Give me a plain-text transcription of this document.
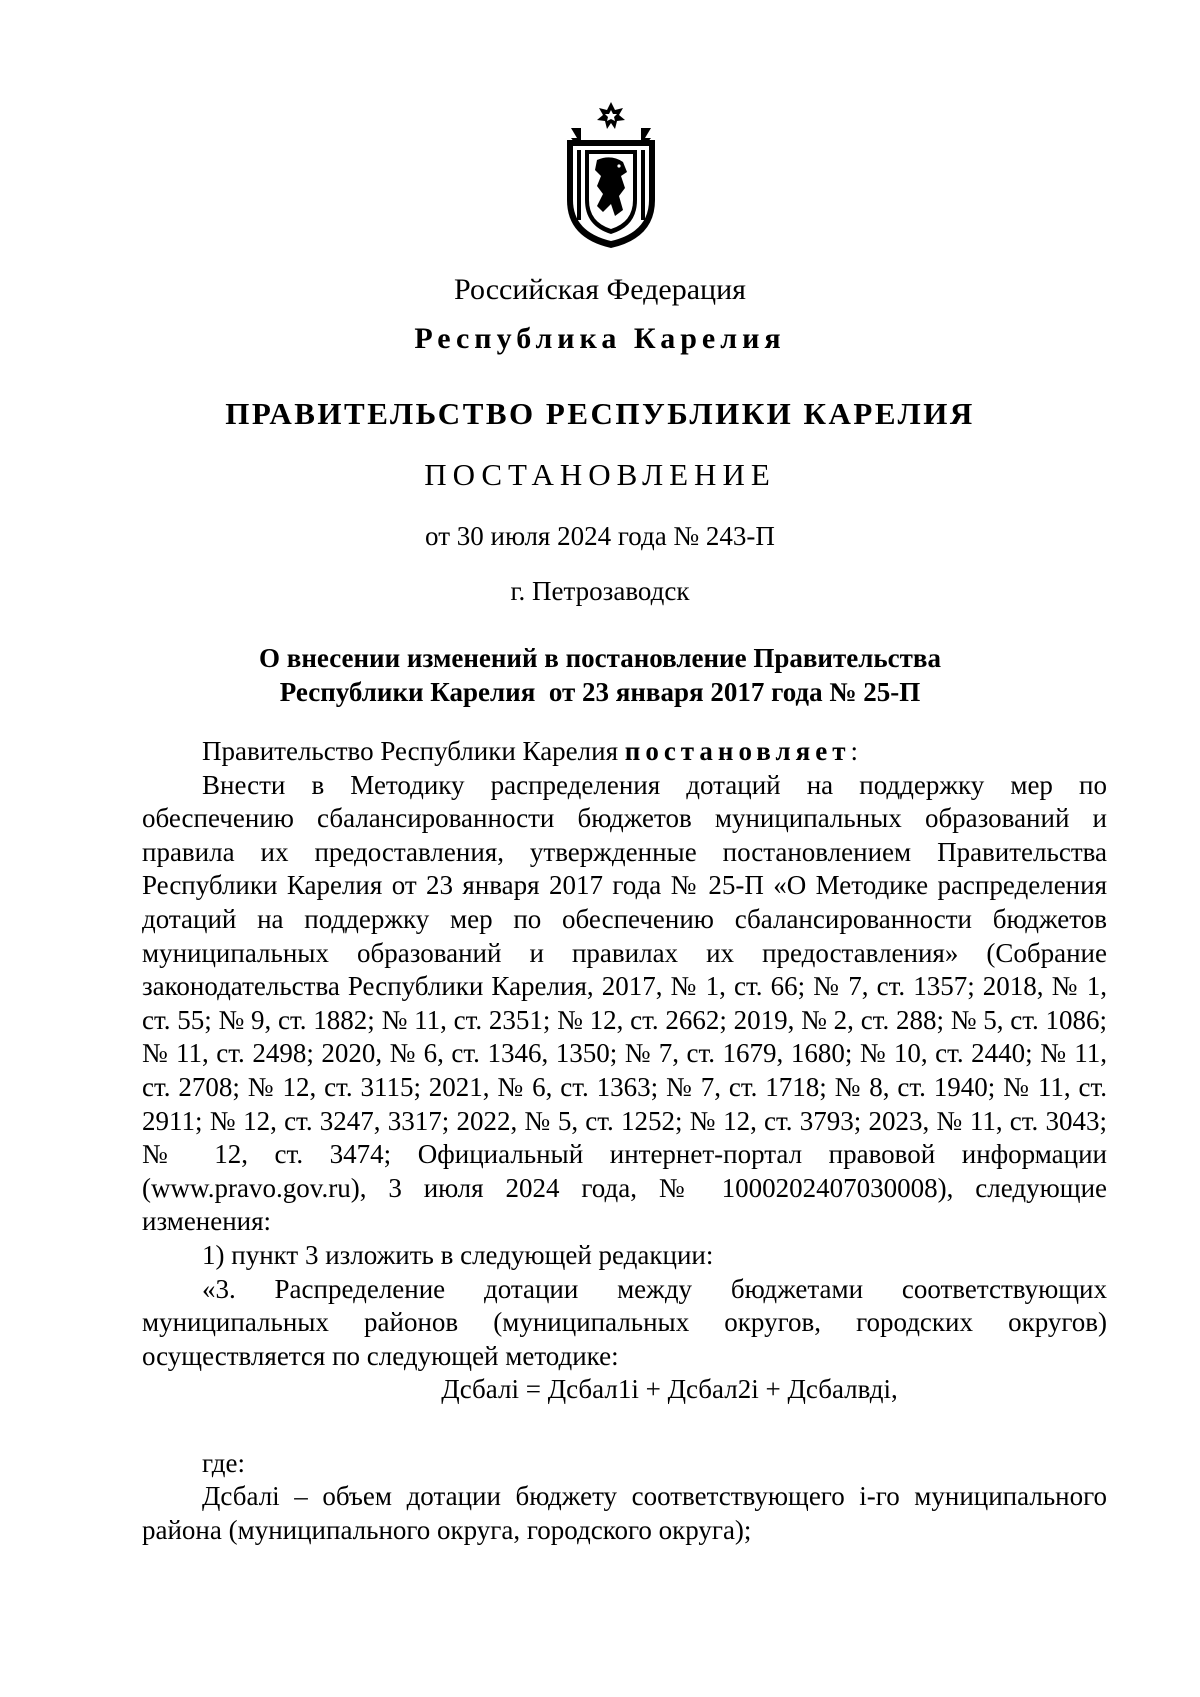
Российская Федерация
Республика Карелия
ПРАВИТЕЛЬСТВО РЕСПУБЛИКИ КАРЕЛИЯ
ПОСТАНОВЛЕНИЕ
от 30 июля 2024 года № 243-П
г. Петрозаводск
О внесении изменений в постановление Правительства
Республики Карелия  от 23 января 2017 года № 25-П

Правительство Республики Карелия постановляет:

Внести в Методику распределения дотаций на поддержку мер по обеспечению сбалансированности бюджетов муниципальных образований и правила их предоставления, утвержденные постановлением Правительства Республики Карелия от 23 января 2017 года № 25-П «О Методике распределения дотаций на поддержку мер по обеспечению сбалансированности бюджетов муниципальных образований и правилах их предоставления» (Собрание законодательства Республики Карелия, 2017, № 1, ст. 66; № 7, ст. 1357; 2018, № 1, ст. 55; № 9, ст. 1882; № 11, ст. 2351; № 12, ст. 2662; 2019, № 2, ст. 288; № 5, ст. 1086; № 11, ст. 2498; 2020, № 6, ст. 1346, 1350; № 7, ст. 1679, 1680; № 10, ст. 2440; № 11, ст. 2708; № 12, ст. 3115; 2021, № 6, ст. 1363; № 7, ст. 1718; № 8, ст. 1940; № 11, ст. 2911; № 12, ст. 3247, 3317; 2022, № 5, ст. 1252; № 12, ст. 3793; 2023, № 11, ст. 3043; № 12, ст. 3474; Официальный интернет-портал правовой информации (www.pravo.gov.ru), 3 июля 2024 года, № 1000202407030008), следующие изменения:

1) пункт 3 изложить в следующей редакции:

«3. Распределение дотации между бюджетами соответствующих муниципальных районов (муниципальных округов, городских округов) осуществляется по следующей методике:

Дсбалi = Дсбал1i + Дсбал2i + Дсбалвдi,

где:

Дсбалi – объем дотации бюджету соответствующего i-го муниципального района (муниципального округа, городского округа);
